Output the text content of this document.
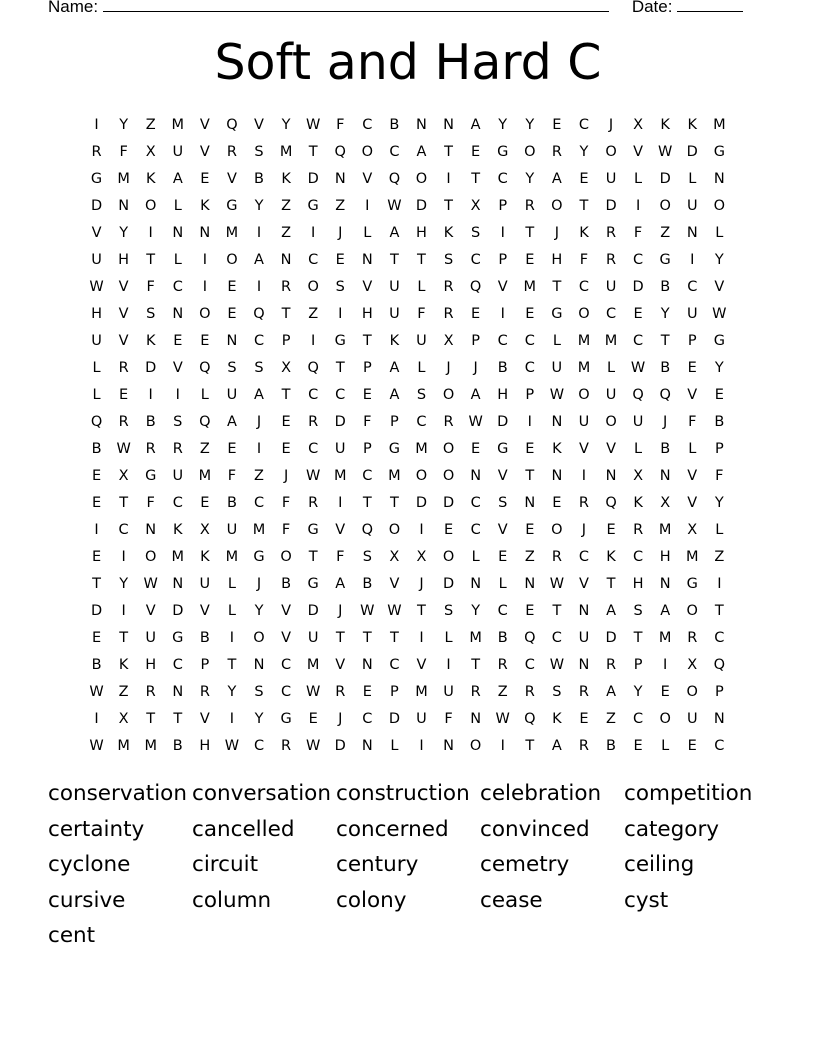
Name:	Date:
Soft and Hard C
I	Y	Z	M	V	Q	V	Y	W	F	C	B	N	N	A	Y	Y	E	C	J	X	K	K	M
R	F	X	U	V	R	S	M	T	Q	O	C	A	T	E	G	O	R	Y	O	V	W D	G
G	M	K	A	E	V	B	K	D	N	V	Q	O	I	T	C	Y	A	E	U	L	D	L	N
D	N	O	L	K	G	Y	Z	G	Z	I	W D	T	X	P	R	O	T	D	I	O	U	O
V	Y	I	N	N	M	I	Z	I	J	L	A	H	K	S	I	T	J	K	R	F	Z	N	L
U	H	T	L	I	O	A	N	C	E	N	T	T	S	C	P	E	H	F	R	C	G	I	Y
W	V	F	C	I	E	I	R	O	S	V	U	L	R	Q	V	M	T	C	U	D	B	C	V
H	V	S	N	O	E	Q	T	Z	I	H	U	F	R	E	I	E	G	O	C	E	Y	U	W
U	V	K	E	E	N	C	P	I	G	T	K	U	X	P	C	C	L	M	M	C	T	P	G
L	R	D	V	Q	S	S	X	Q	T	P	A	L	J	J	B	C	U	M	L	W	B	E	Y
L	E	I	I	L	U	A	T	C	C	E	A	S	O	A	H	P	W O	U	Q	Q	V	E
Q	R	B	S	Q	A	J	E	R	D	F	P	C	R	W D	I	N	U	O	U	J	F	B
B	W	R	R	Z	E	I	E	C	U	P	G	M	O	E	G	E	K	V	V	L	B	L	P
E	X	G	U	M	F	Z	J	W M	C	M	O	O	N	V	T	N	I	N	X	N	V	F
E	T	F	C	E	B	C	F	R	I	T	T	D	D	C	S	N	E	R	Q	K	X	V	Y
I	C	N	K	X	U	M	F	G	V	Q	O	I	E	C	V	E	O	J	E	R	M	X	L
E	I	O	M	K	M	G	O	T	F	S	X	X	O	L	E	Z	R	C	K	C	H	M	Z
T	Y	W N	U	L	J	B	G	A	B	V	J	D	N	L	N W	V	T	H	N	G	I
D	I	V	D	V	L	Y	V	D	J	W W	T	S	Y	C	E	T	N	A	S	A	O	T
E	T	U	G	B	I	O	V	U	T	T	T	I	L	M	B	Q	C	U	D	T	M	R	C
B	K	H	C	P	T	N	C	M	V	N	C	V	I	T	R	C	W N	R	P	I	X	Q
W	Z	R	N	R	Y	S	C	W	R	E	P	M	U	R	Z	R	S	R	A	Y	E	O	P
I	X	T	T	V	I	Y	G	E	J	C	D	U	F	N W Q	K	E	Z	C	O	U	N
W M	M	B	H W	C	R	W D	N	L	I	N	O	I	T	A	R	B	E	L	E	C
conservation conversation construction celebration	competition
certainty	cancelled	concerned	convinced	category
cyclone	circuit	century	cemetry	ceiling
cursive	column	colony	cease	cyst
cent
